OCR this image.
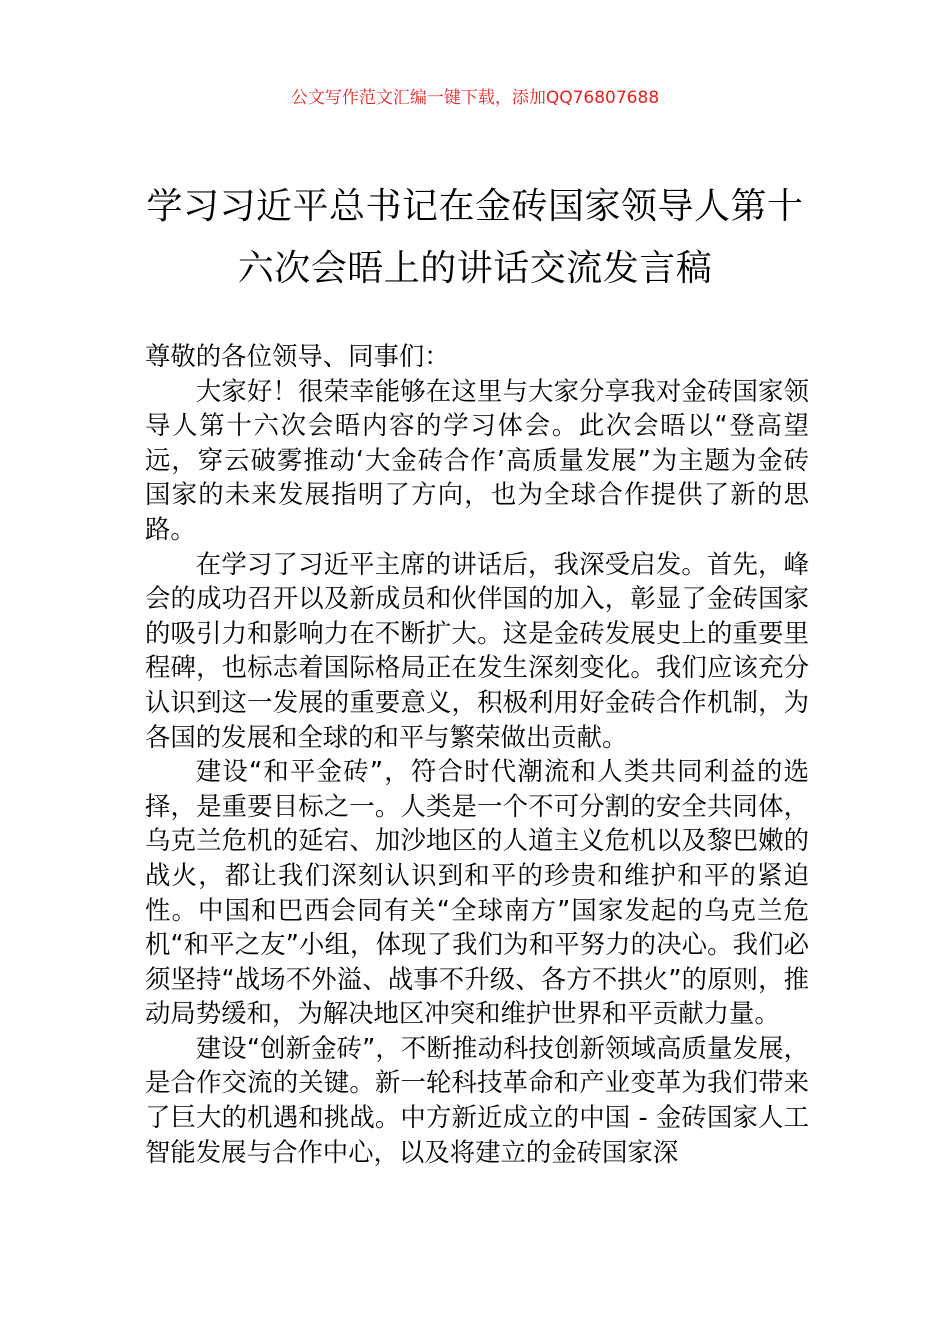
公文写作范文汇编一键下载，添加QQ76807688
学习习近平总书记在金砖国家领导人第十
六次会晤上的讲话交流发言稿

尊敬的各位领导、同事们：

大家好！很荣幸能够在这里与大家分享我对金砖国家领导人第十六次会晤内容的学习体会。此次会晤以“登高望远，穿云破雾推动‘大金砖合作’高质量发展”为主题为金砖国家的未来发展指明了方向，也为全球合作提供了新的思路。

在学习了习近平主席的讲话后，我深受启发。首先，峰会的成功召开以及新成员和伙伴国的加入，彰显了金砖国家的吸引力和影响力在不断扩大。这是金砖发展史上的重要里程碑，也标志着国际格局正在发生深刻变化。我们应该充分认识到这一发展的重要意义，积极利用好金砖合作机制，为各国的发展和全球的和平与繁荣做出贡献。

建设“和平金砖”，符合时代潮流和人类共同利益的选择，是重要目标之一。人类是一个不可分割的安全共同体，乌克兰危机的延宕、加沙地区的人道主义危机以及黎巴嫩的战火，都让我们深刻认识到和平的珍贵和维护和平的紧迫性。中国和巴西会同有关“全球南方”国家发起的乌克兰危机“和平之友”小组，体现了我们为和平努力的决心。我们必须坚持“战场不外溢、战事不升级、各方不拱火”的原则，推动局势缓和，为解决地区冲突和维护世界和平贡献力量。

建设“创新金砖”，不断推动科技创新领域高质量发展，是合作交流的关键。新一轮科技革命和产业变革为我们带来了巨大的机遇和挑战。中方新近成立的中国 - 金砖国家人工智能发展与合作中心，以及将建立的金砖国家深
